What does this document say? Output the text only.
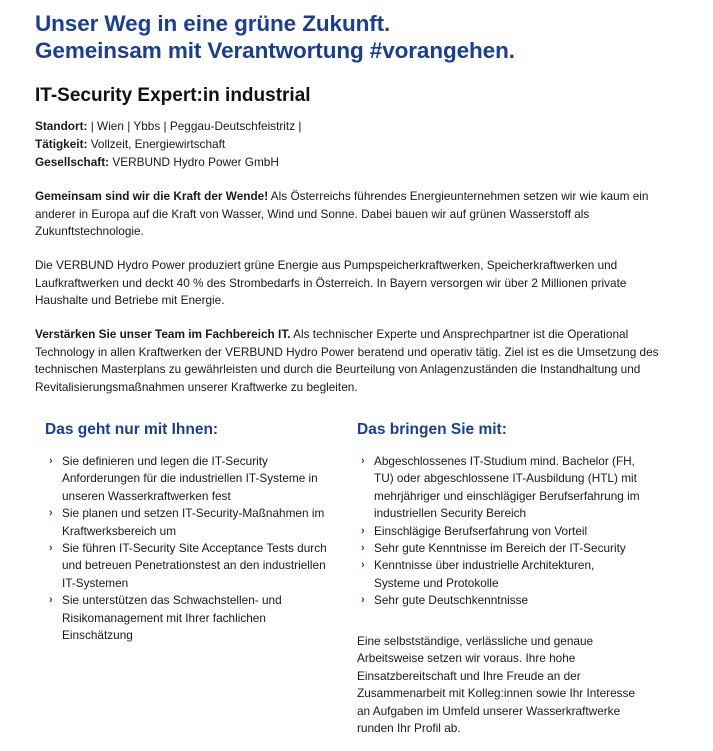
Unser Weg in eine grüne Zukunft.
Gemeinsam mit Verantwortung #vorangehen.
IT-Security Expert:in industrial
Standort: | Wien | Ybbs | Peggau-Deutschfeistritz |
Tätigkeit: Vollzeit, Energiewirtschaft
Gesellschaft: VERBUND Hydro Power GmbH

Gemeinsam sind wir die Kraft der Wende! Als Österreichs führendes Energieunternehmen setzen wir wie kaum ein
anderer in Europa auf die Kraft von Wasser, Wind und Sonne. Dabei bauen wir auf grünen Wasserstoff als
Zukunftstechnologie.

Die VERBUND Hydro Power produziert grüne Energie aus Pumpspeicherkraftwerken, Speicherkraftwerken und
Laufkraftwerken und deckt 40 % des Strombedarfs in Österreich. In Bayern versorgen wir über 2 Millionen private
Haushalte und Betriebe mit Energie.

Verstärken Sie unser Team im Fachbereich IT. Als technischer Experte und Ansprechpartner ist die Operational
Technology in allen Kraftwerken der VERBUND Hydro Power beratend und operativ tätig. Ziel ist es die Umsetzung des
technischen Masterplans zu gewährleisten und durch die Beurteilung von Anlagenzuständen die Instandhaltung und
Revitalisierungsmaßnahmen unserer Kraftwerke zu begleiten.

Das geht nur mit Ihnen:
› Sie definieren und legen die IT-Security
Anforderungen für die industriellen IT-Systeme in
unseren Wasserkraftwerken fest
› Sie planen und setzen IT-Security-Maßnahmen im
Kraftwerksbereich um
› Sie führen IT-Security Site Acceptance Tests durch
und betreuen Penetrationstest an den industriellen
IT-Systemen
› Sie unterstützen das Schwachstellen- und
Risikomanagement mit Ihrer fachlichen
Einschätzung
Das bringen Sie mit:
› Abgeschlossenes IT-Studium mind. Bachelor (FH,
TU) oder abgeschlossene IT-Ausbildung (HTL) mit
mehrjähriger und einschlägiger Berufserfahrung im
industriellen Security Bereich
› Einschlägige Berufserfahrung von Vorteil
› Sehr gute Kenntnisse im Bereich der IT-Security
› Kenntnisse über industrielle Architekturen,
Systeme und Protokolle
› Sehr gute Deutschkenntnisse
Eine selbstständige, verlässliche und genaue
Arbeitsweise setzen wir voraus. Ihre hohe
Einsatzbereitschaft und Ihre Freude an der
Zusammenarbeit mit Kolleg:innen sowie Ihr Interesse
an Aufgaben im Umfeld unserer Wasserkraftwerke
runden Ihr Profil ab.
